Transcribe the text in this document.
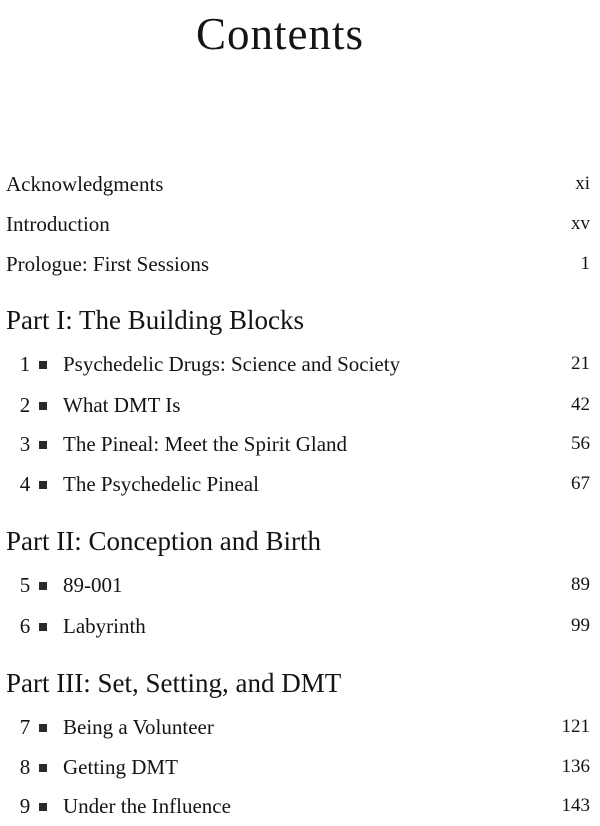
Contents
Acknowledgments	xi
Introduction	xv
Prologue: First Sessions	1
Part I: The Building Blocks
1 Psychedelic Drugs: Science and Society	21
2 What DMT Is	42
3 The Pineal: Meet the Spirit Gland	56
4 The Psychedelic Pineal	67
Part II: Conception and Birth
5 89-001	89
6 Labyrinth	99
Part III: Set, Setting, and DMT
7 Being a Volunteer	121
8 Getting DMT	136
9 Under the Influence	143
